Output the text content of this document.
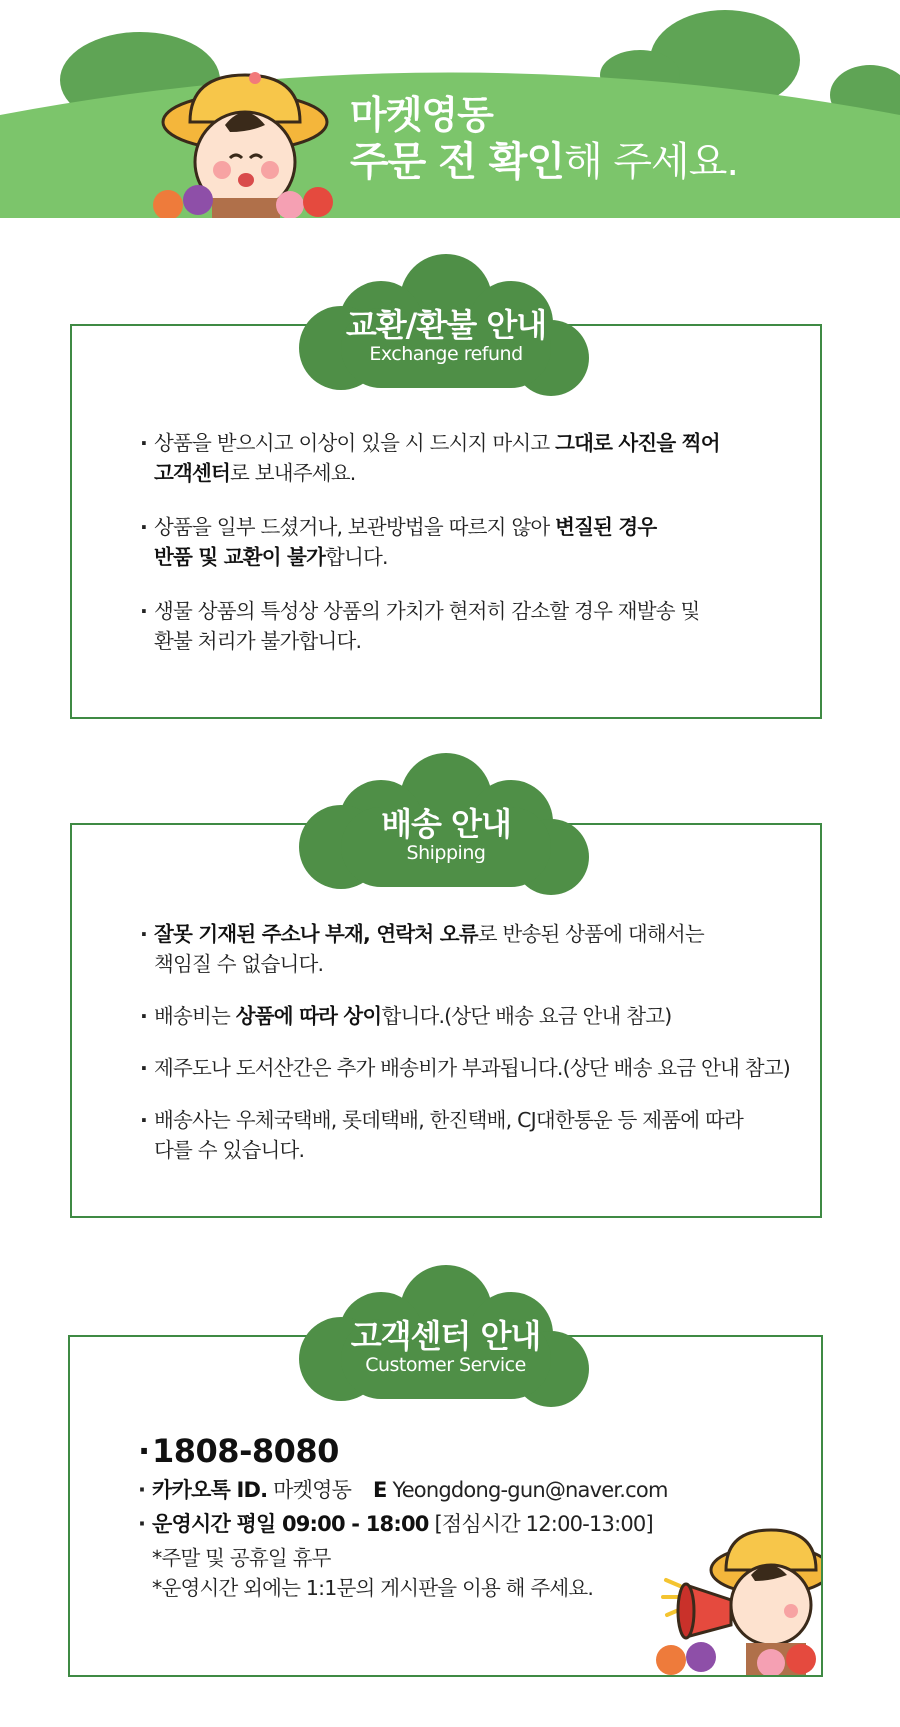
마켓영동
주문 전 확인해 주세요.
교환/환불 안내
Exchange refund
· 상품을 받으시고 이상이 있을 시 드시지 마시고 그대로 사진을 찍어
고객센터로 보내주세요.
· 상품을 일부 드셨거나, 보관방법을 따르지 않아 변질된 경우
반품 및 교환이 불가합니다.
· 생물 상품의 특성상 상품의 가치가 현저히 감소할 경우 재발송 및
환불 처리가 불가합니다.
배송 안내
Shipping
· 잘못 기재된 주소나 부재, 연락처 오류로 반송된 상품에 대해서는
책임질 수 없습니다.
· 배송비는 상품에 따라 상이합니다.(상단 배송 요금 안내 참고)
· 제주도나 도서산간은 추가 배송비가 부과됩니다.(상단 배송 요금 안내 참고)
· 배송사는 우체국택배, 롯데택배, 한진택배, CJ대한통운 등 제품에 따라
다를 수 있습니다.
고객센터 안내
Customer Service
· 1808-8080
· 카카오톡 ID. 마켓영동 E Yeongdong-gun@naver.com
· 운영시간 평일 09:00 - 18:00 [점심시간 12:00-13:00]
*주말 및 공휴일 휴무
*운영시간 외에는 1:1문의 게시판을 이용 해 주세요.
